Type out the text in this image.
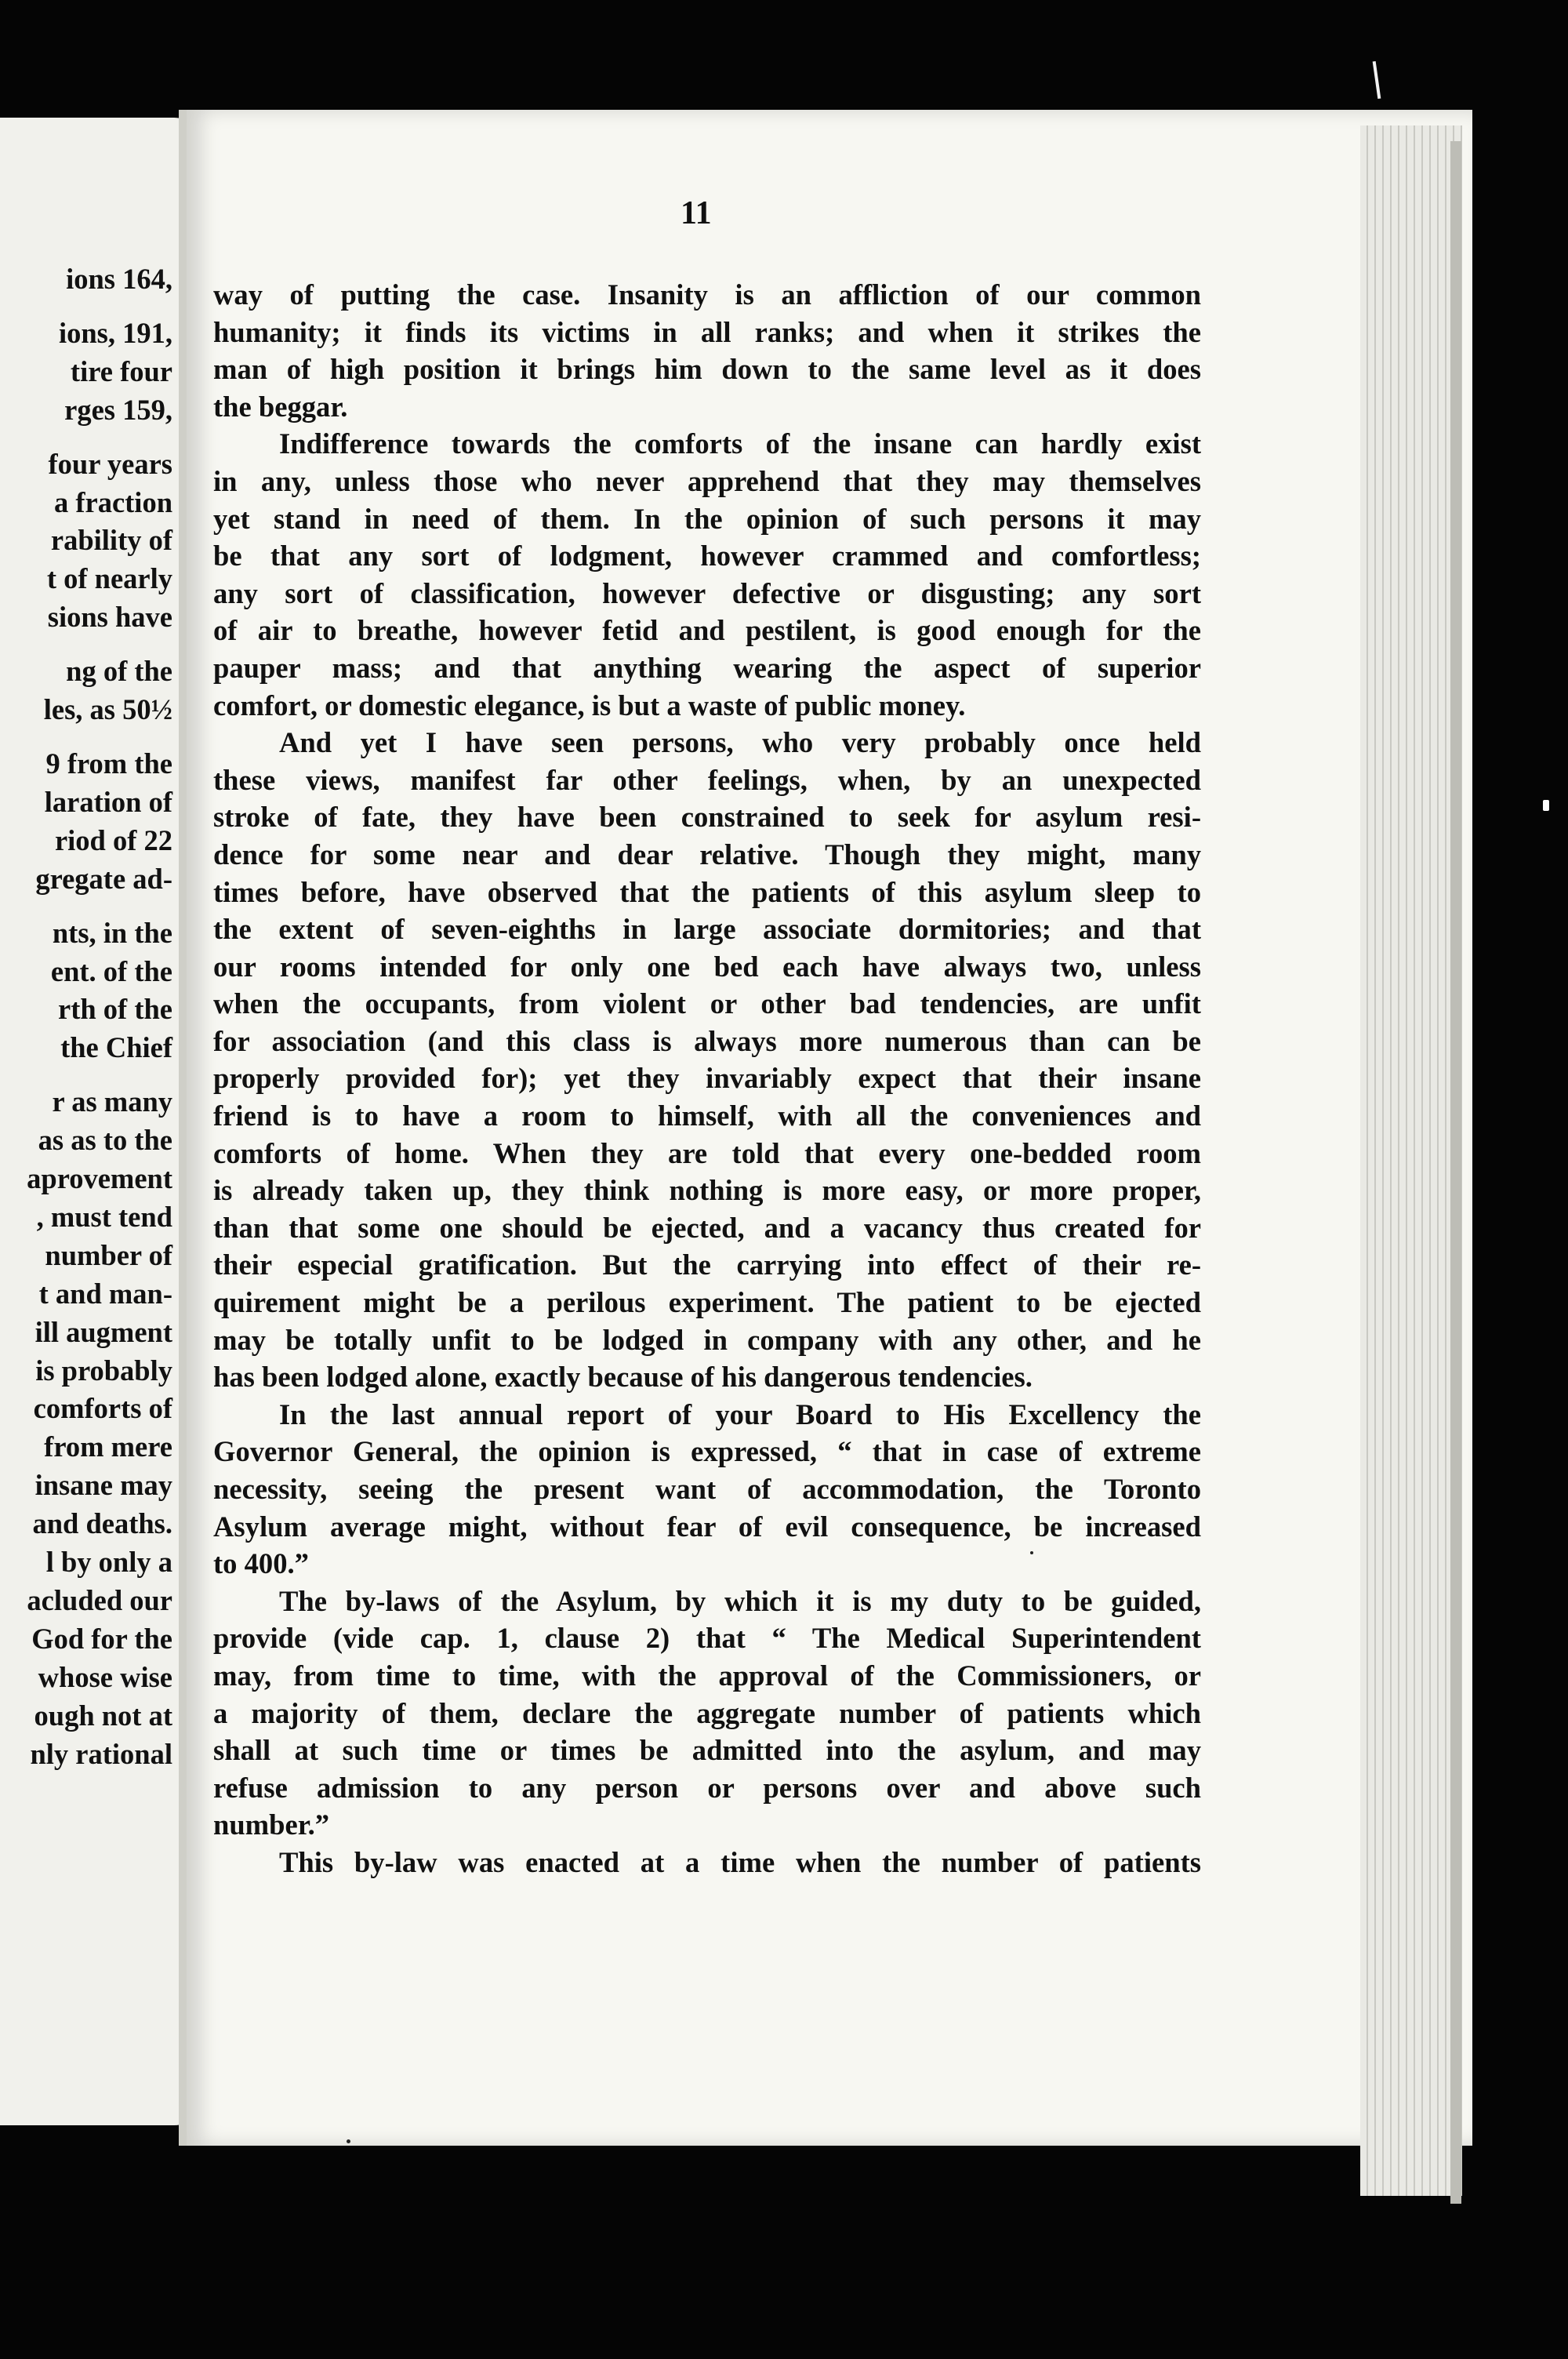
ions 164,
ions, 191,
tire four
rges 159,
four years
a fraction
rability of
t of nearly
sions have
ng of the
les, as 50½
9 from the
laration of
riod of 22
gregate ad-
nts, in the
ent. of the
rth of the
the Chief
r as many
as as to the
aprovement
, must tend
number of
t and man-
ill augment
is probably
comforts of
from mere
insane may
and deaths.
l by only a
acluded our
God for the
whose wise
ough not at
nly rational
11
way of putting the case. Insanity is an affliction of our common
humanity; it finds its victims in all ranks; and when it strikes the
man of high position it brings him down to the same level as it does
the beggar.
Indifference towards the comforts of the insane can hardly exist
in any, unless those who never apprehend that they may themselves
yet stand in need of them. In the opinion of such persons it may
be that any sort of lodgment, however crammed and comfortless;
any sort of classification, however defective or disgusting; any sort
of air to breathe, however fetid and pestilent, is good enough for the
pauper mass; and that anything wearing the aspect of superior
comfort, or domestic elegance, is but a waste of public money.
And yet I have seen persons, who very probably once held
these views, manifest far other feelings, when, by an unexpected
stroke of fate, they have been constrained to seek for asylum resi-
dence for some near and dear relative. Though they might, many
times before, have observed that the patients of this asylum sleep to
the extent of seven-eighths in large associate dormitories; and that
our rooms intended for only one bed each have always two, unless
when the occupants, from violent or other bad tendencies, are unfit
for association (and this class is always more numerous than can be
properly provided for); yet they invariably expect that their insane
friend is to have a room to himself, with all the conveniences and
comforts of home. When they are told that every one-bedded room
is already taken up, they think nothing is more easy, or more proper,
than that some one should be ejected, and a vacancy thus created for
their especial gratification. But the carrying into effect of their re-
quirement might be a perilous experiment. The patient to be ejected
may be totally unfit to be lodged in company with any other, and he
has been lodged alone, exactly because of his dangerous tendencies.
In the last annual report of your Board to His Excellency the
Governor General, the opinion is expressed, “ that in case of extreme
necessity, seeing the present want of accommodation, the Toronto
Asylum average might, without fear of evil consequence, be increased
to 400.”
The by-laws of the Asylum, by which it is my duty to be guided,
provide (vide cap. 1, clause 2) that “ The Medical Superintendent
may, from time to time, with the approval of the Commissioners, or
a majority of them, declare the aggregate number of patients which
shall at such time or times be admitted into the asylum, and may
refuse admission to any person or persons over and above such
number.”
This by-law was enacted at a time when the number of patients
